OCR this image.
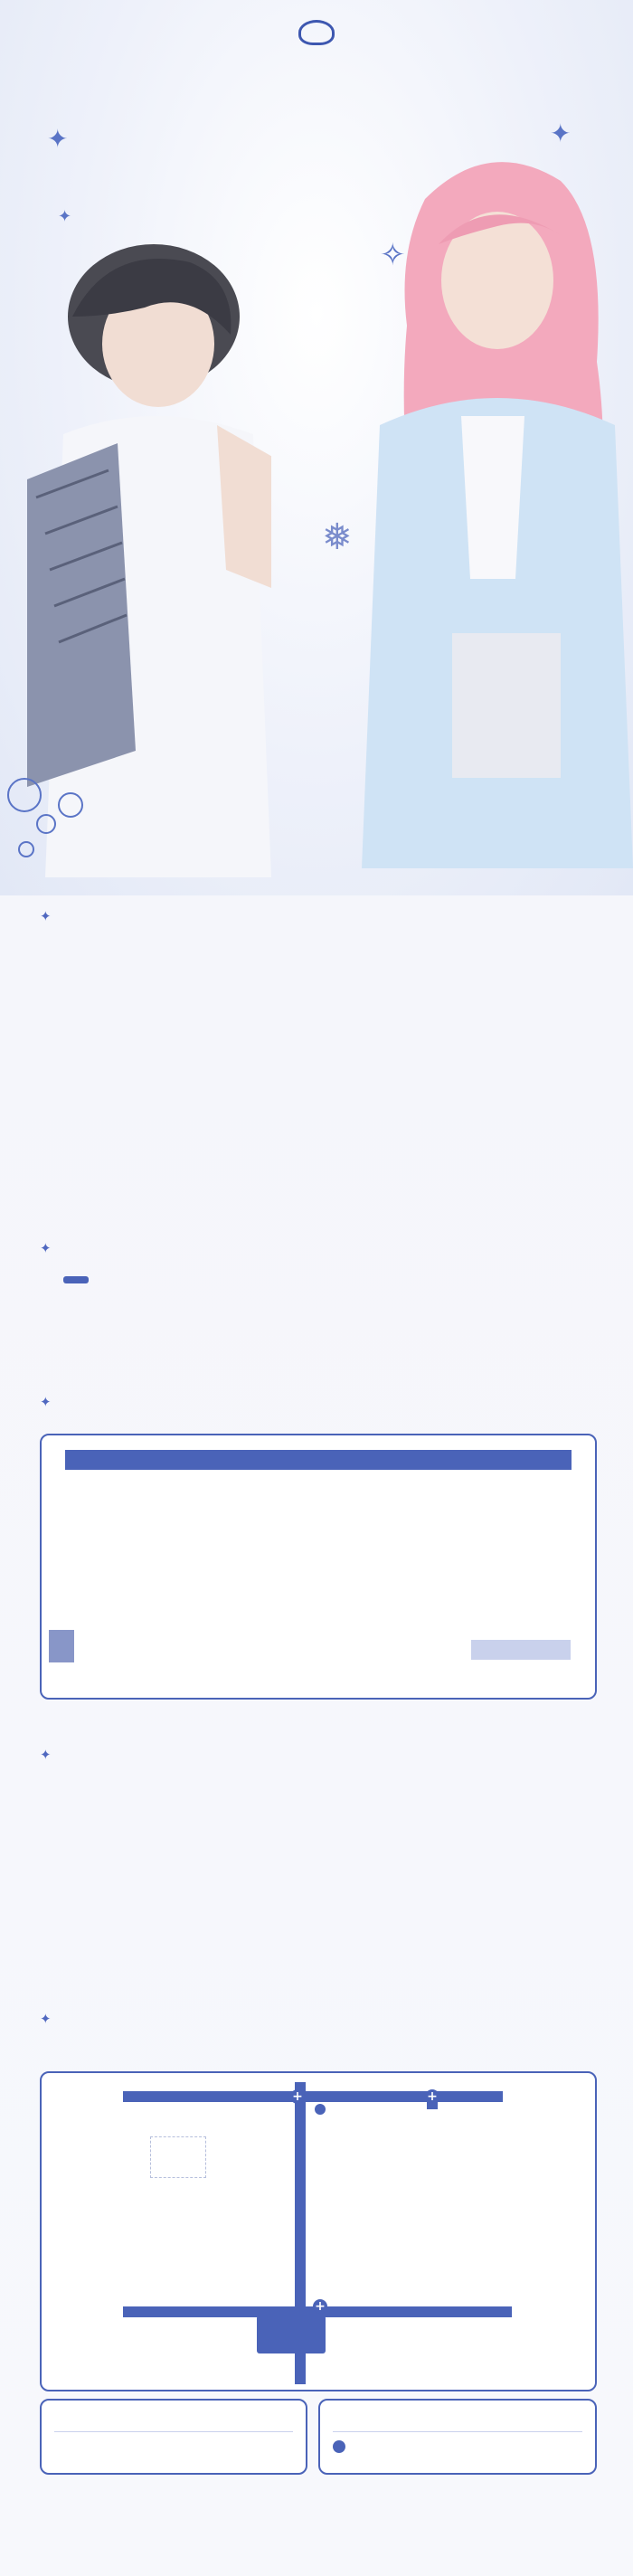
✦	✦
✧
❅
✦
✦
✦
✦
✦
✦
+	+
+
